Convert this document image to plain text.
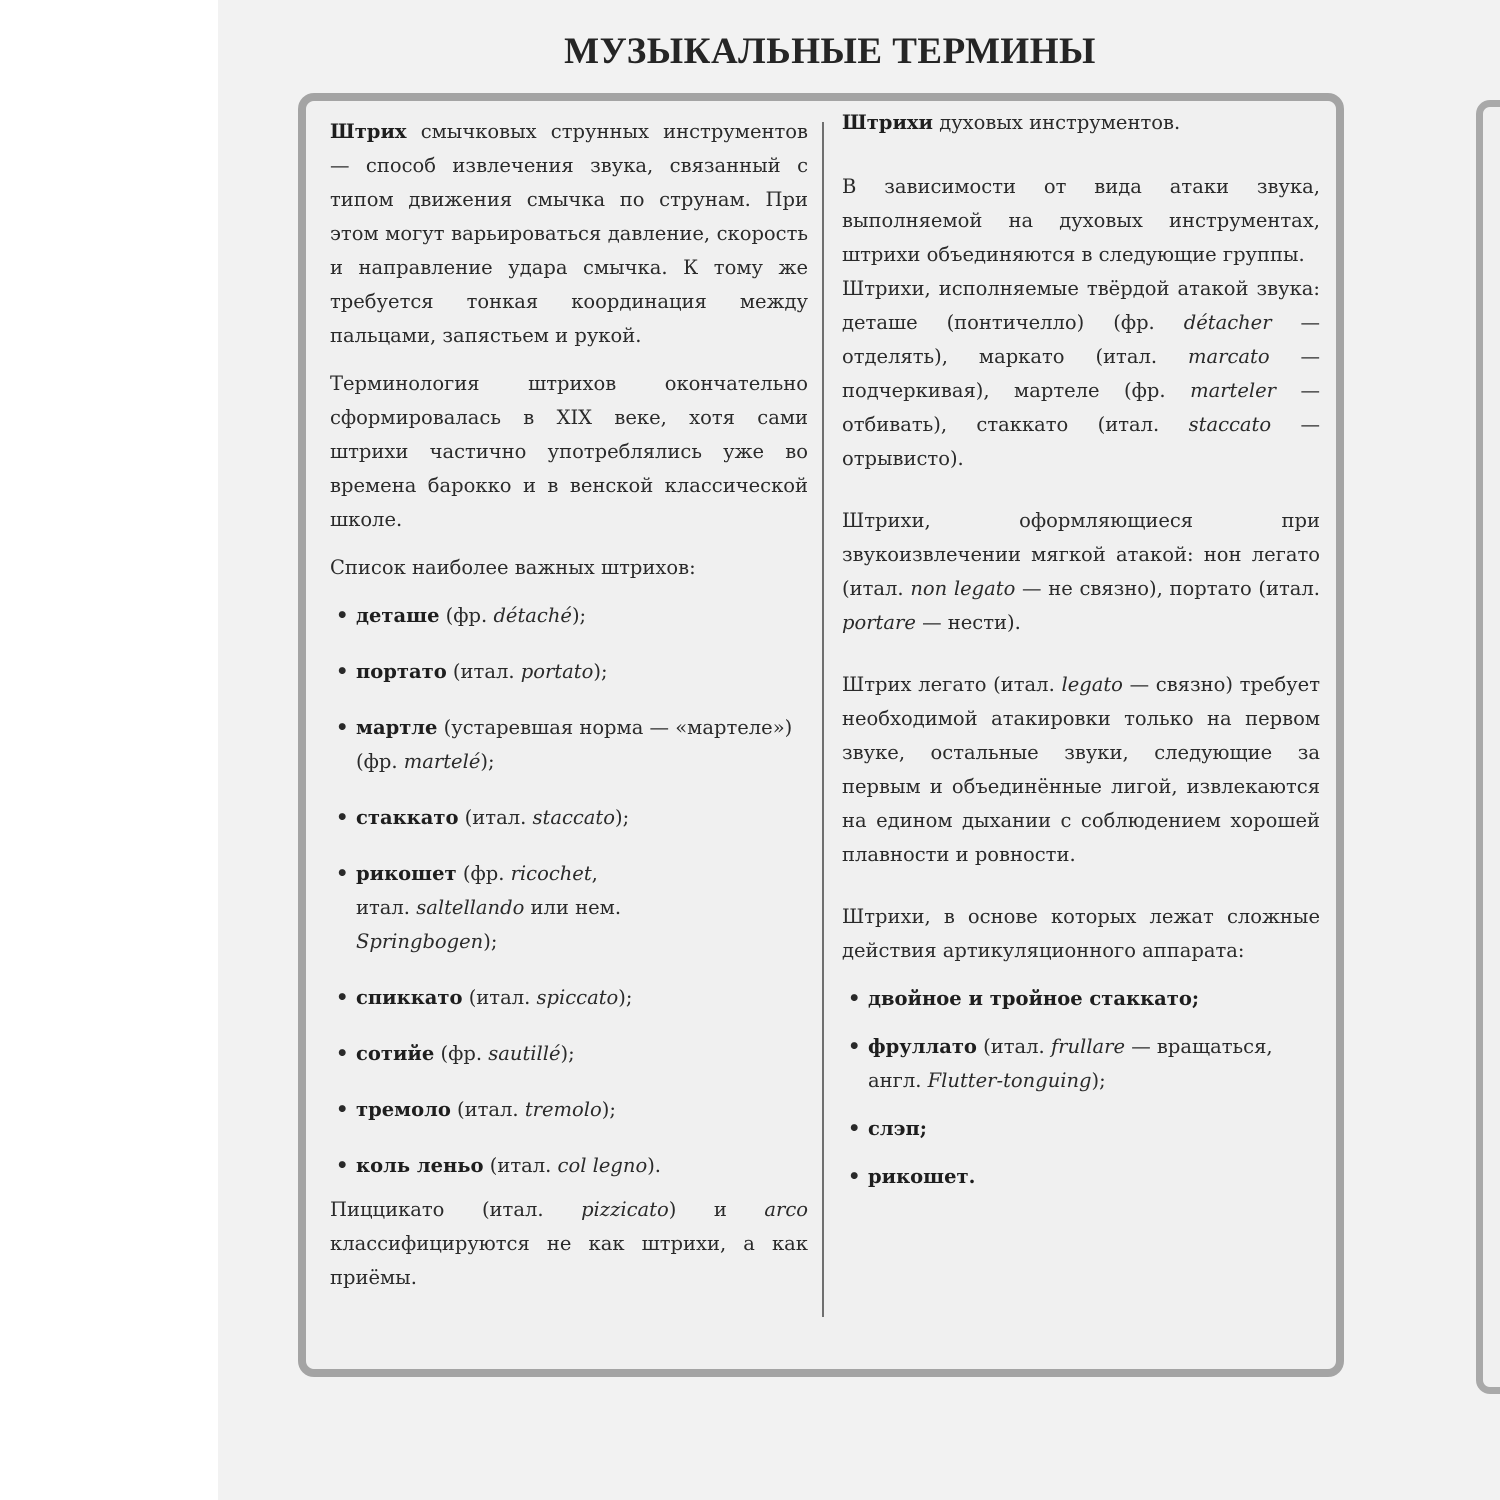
МУЗЫКАЛЬНЫЕ ТЕРМИНЫ

Штрих смычковых струнных инструментов — способ извлечения звука, связанный с типом движения смычка по струнам. При этом могут варьироваться давление, скорость и направление удара смычка. К тому же требуется тонкая координация между пальцами, запястьем и рукой.

Терминология штрихов окончательно сформировалась в XIX веке, хотя сами штрихи частично употреблялись уже во времена барокко и в венской классической школе.

Список наиболее важных штрихов:

• деташе (фр. détaché);
• портато (итал. portato);
• мартле (устаревшая норма — «мартеле») (фр. martelé);
• стаккато (итал. staccato);
• рикошет (фр. ricochet, итал. saltellando или нем. Springbogen);
• спиккато (итал. spiccato);
• сотийе (фр. sautillé);
• тремоло (итал. tremolo);
• коль леньо (итал. col legno).

Пиццикато (итал. pizzicato) и arco классифицируются не как штрихи, а как приёмы.

Штрихи духовых инструментов.

В зависимости от вида атаки звука, выполняемой на духовых инструментах, штрихи объединяются в следующие группы.

Штрихи, исполняемые твёрдой атакой звука: деташе (понтичелло) (фр. détacher — отделять), маркато (итал. marcato — подчеркивая), мартеле (фр. marteler — отбивать), стаккато (итал. staccato — отрывисто).

Штрихи, оформляющиеся при звукоизвлечении мягкой атакой: нон легато (итал. non legato — не связно), портато (итал. portare — нести).

Штрих легато (итал. legato — связно) требует необходимой атакировки только на первом звуке, остальные звуки, следующие за первым и объединённые лигой, извлекаются на едином дыхании с соблюдением хорошей плавности и ровности.

Штрихи, в основе которых лежат сложные действия артикуляционного аппарата:

• двойное и тройное стаккато;
• фруллато (итал. frullare — вращаться, англ. Flutter-tonguing);
• слэп;
• рикошет.
